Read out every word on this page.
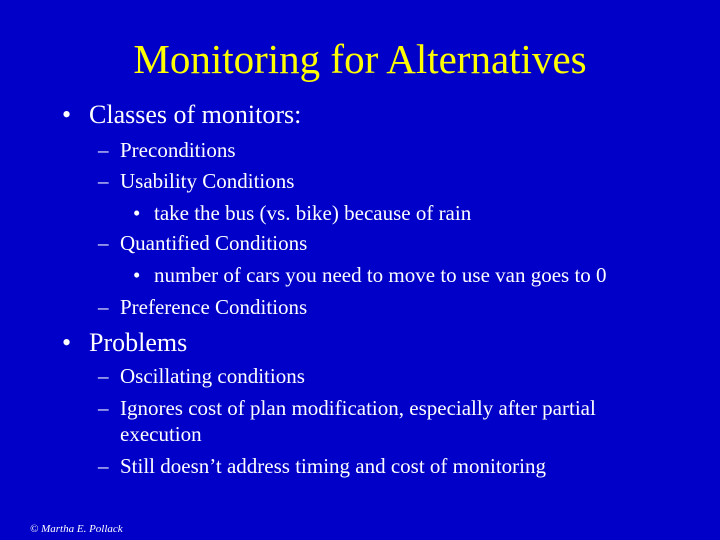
Monitoring for Alternatives
• Classes of monitors:
– Preconditions
– Usability Conditions
• take the bus (vs. bike) because of rain
– Quantified Conditions
• number of cars you need to move to use van goes to 0
– Preference Conditions
• Problems
– Oscillating conditions
– Ignores cost of plan modification, especially after partial
execution
– Still doesn’t address timing and cost of monitoring
© Martha E. Pollack
